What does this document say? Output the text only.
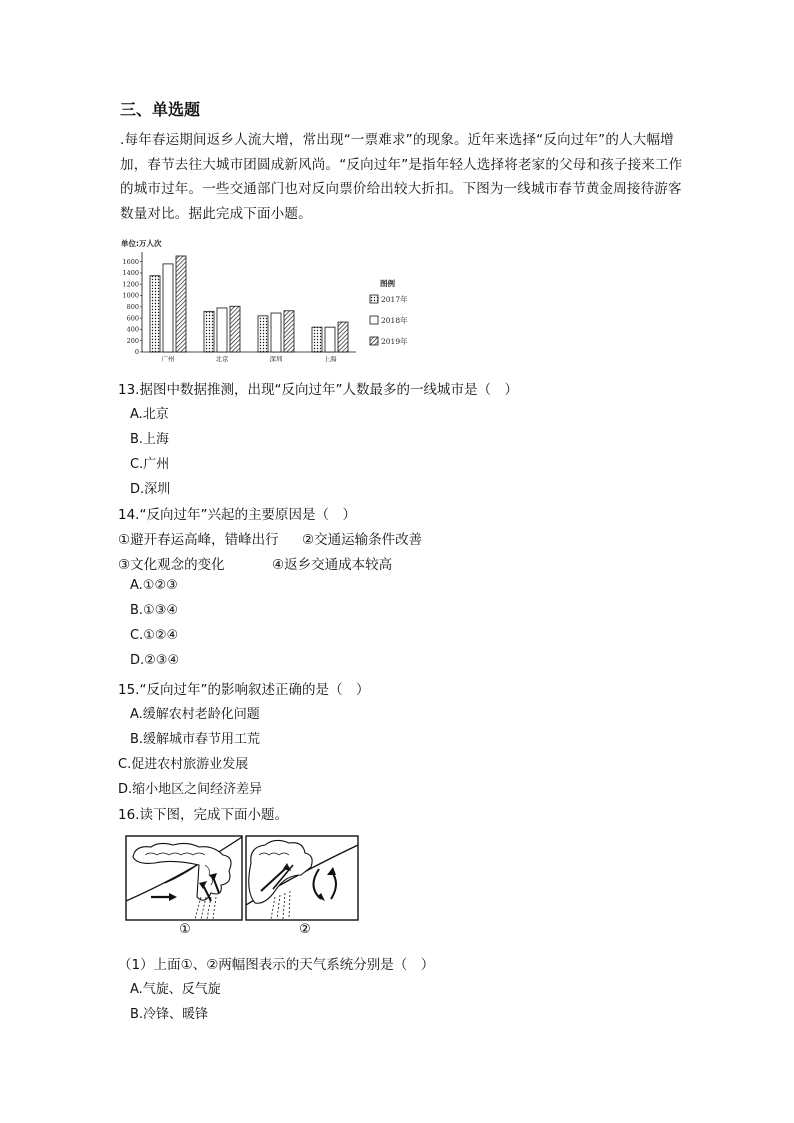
三、单选题
.每年春运期间返乡人流大增，常出现“一票难求”的现象。近年来选择“反向过年”的人大幅增加，春节去往大城市团圆成新风尚。“反向过年”是指年轻人选择将老家的父母和孩子接来工作的城市过年。一些交通部门也对反向票价给出较大折扣。下图为一线城市春节黄金周接待游客数量对比。据此完成下面小题。
单位:万人次
0
200
400
600
800
1000
1200
1400
1600
广州	北京	深圳	上海
图例
2017年
2018年
2019年
13.据图中数据推测，出现“反向过年”人数最多的一线城市是（　）
A.北京
B.上海
C.广州
D.深圳
14.“反向过年”兴起的主要原因是（　）
①避开春运高峰，错峰出行 ②交通运输条件改善
③文化观念的变化	④返乡交通成本较高
A.①②③
B.①③④
C.①②④
D.②③④
15.“反向过年”的影响叙述正确的是（　）
A.缓解农村老龄化问题
B.缓解城市春节用工荒
C.促进农村旅游业发展
D.缩小地区之间经济差异
16.读下图，完成下面小题。
①	②
（1）上面①、②两幅图表示的天气系统分别是（　）
A.气旋、反气旋
B.冷锋、暖锋
